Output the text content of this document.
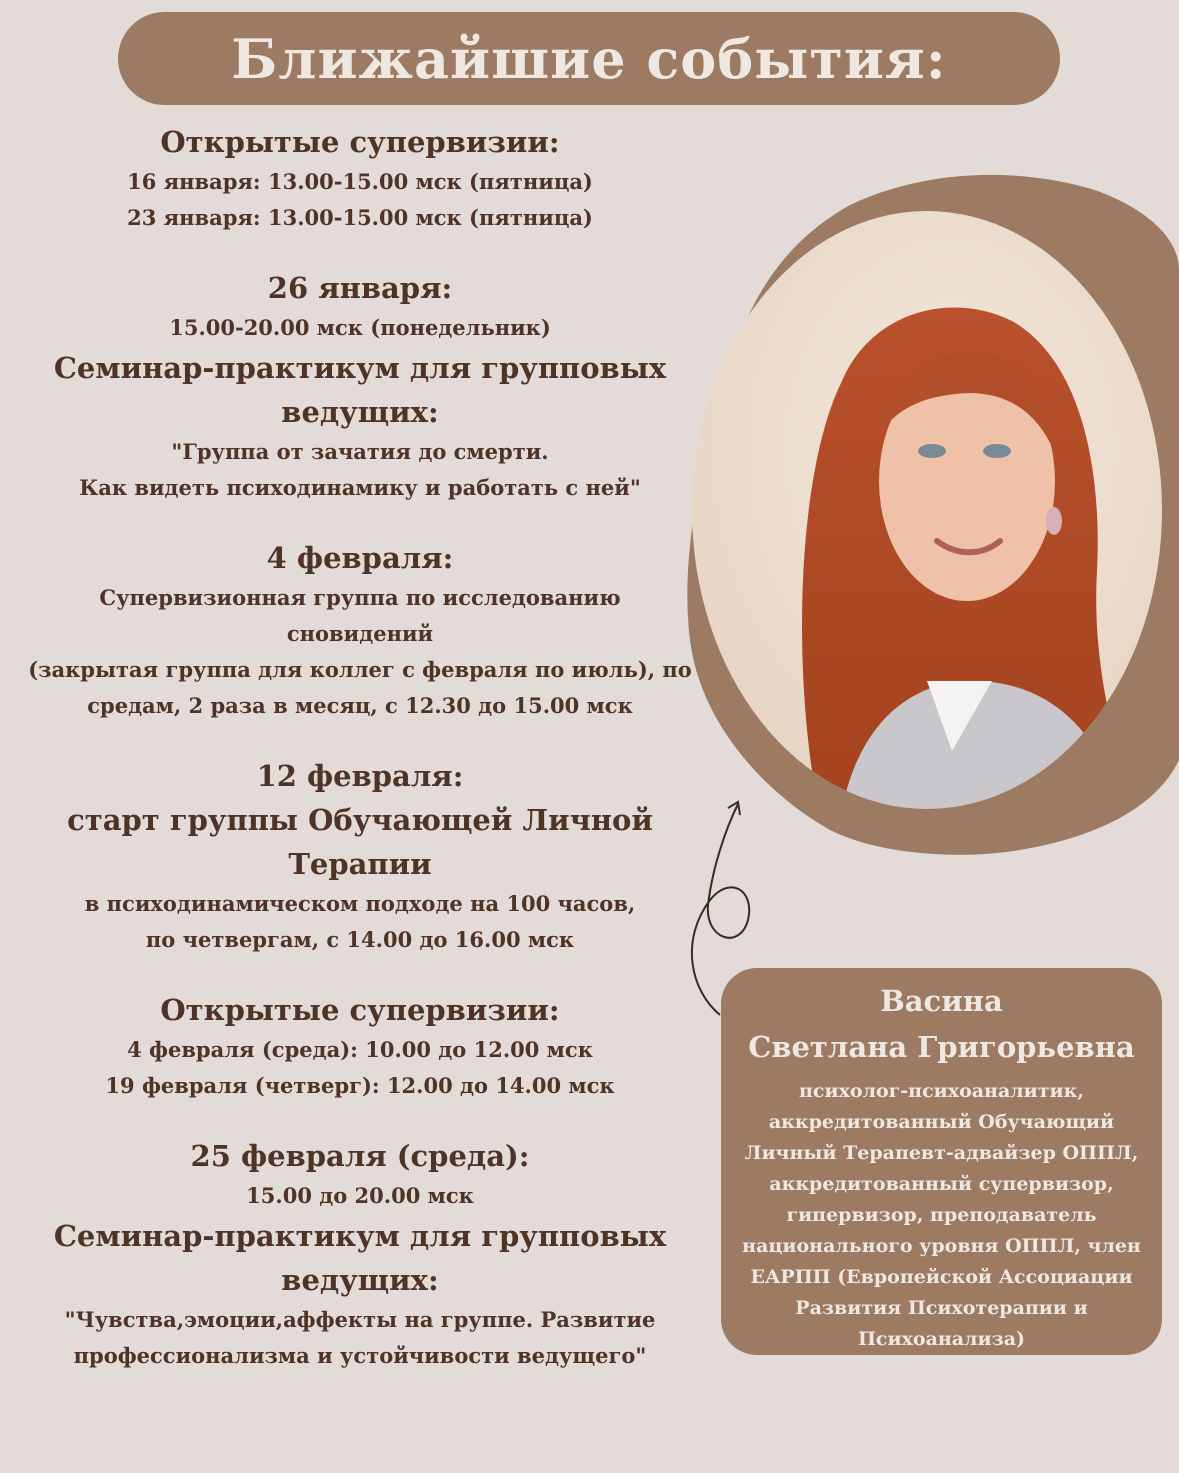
Ближайшие события:

Открытые супервизии:

16 января: 13.00-15.00 мск (пятница)

23 января: 13.00-15.00 мск (пятница)

26 января:

15.00-20.00 мск (понедельник)

Семинар-практикум для групповых

ведущих:

"Группа от зачатия до смерти.

Как видеть психодинамику и работать с ней"

4 февраля:

Супервизионная группа по исследованию

сновидений

(закрытая группа для коллег с февраля по июль), по

средам, 2 раза в месяц, с 12.30 до 15.00 мск

12 февраля:

старт группы Обучающей Личной

Терапии

в психодинамическом подходе на 100 часов,

по четвергам, с 14.00 до 16.00 мск

Открытые супервизии:

4 февраля (среда): 10.00 до 12.00 мск

19 февраля (четверг): 12.00 до 14.00 мск

25 февраля (среда):

15.00 до 20.00 мск

Семинар-практикум для групповых

ведущих:

"Чувства,эмоции,аффекты на группе. Развитие

профессионализма и устойчивости ведущего"

Васина
Светлана Григорьевна

психолог-психоаналитик,

аккредитованный Обучающий

Личный Терапевт-адвайзер ОППЛ,

аккредитованный супервизор,

гипервизор, преподаватель

национального уровня ОППЛ, член

ЕАРПП (Европейской Ассоциации

Развития Психотерапии и

Психоанализа)
